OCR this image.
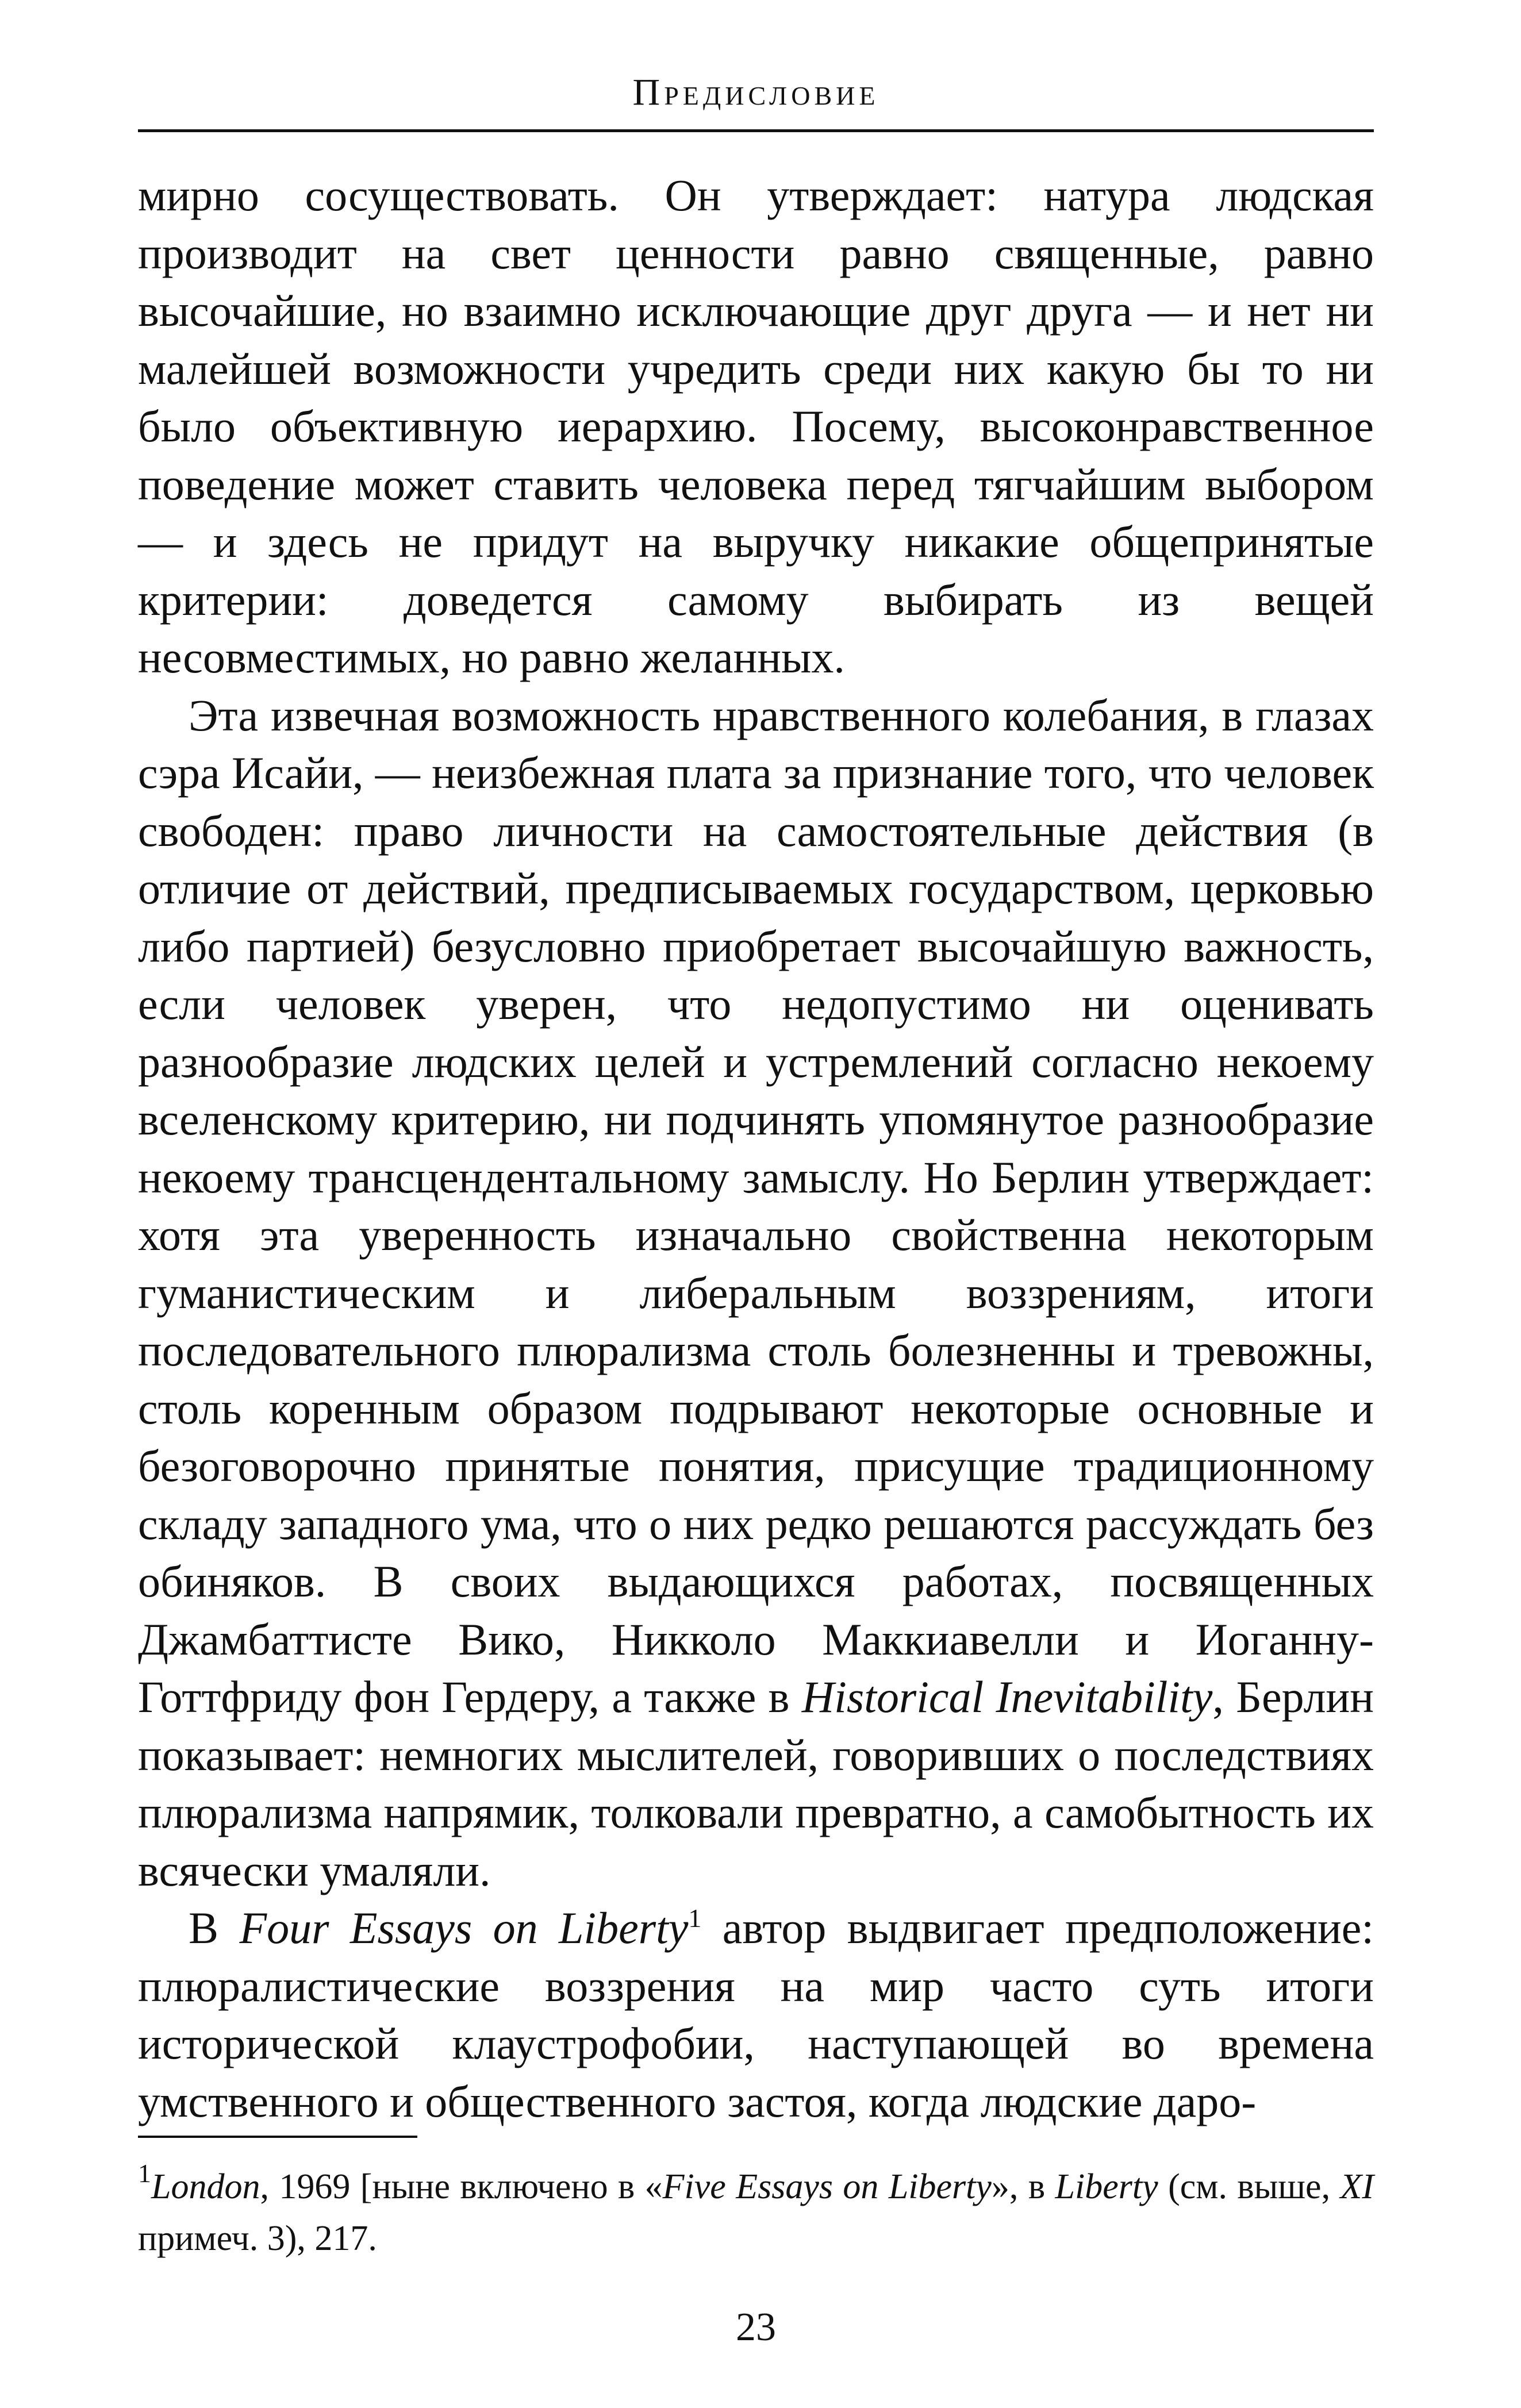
Предисловие

мирно сосуществовать. Он утверждает: натура людская производит на свет ценности равно священные, равно высочайшие, но взаимно исключающие друг друга — и нет ни малейшей возможности учредить среди них какую бы то ни было объективную иерархию. Посему, высоконравственное поведение может ставить человека перед тягчайшим выбором — и здесь не придут на выручку никакие общепринятые критерии: доведется самому выбирать из вещей несовместимых, но равно желанных.

Эта извечная возможность нравственного колебания, в глазах сэра Исайи, — неизбежная плата за признание того, что человек свободен: право личности на самостоятельные действия (в отличие от действий, предписываемых государством, церковью либо партией) безусловно приобретает высочайшую важность, если человек уверен, что недопустимо ни оценивать разнообразие людских целей и устремлений согласно некоему вселенскому критерию, ни подчинять упомянутое разнообразие некоему трансцендентальному замыслу. Но Берлин утверждает: хотя эта уверенность изначально свойственна некоторым гуманистическим и либеральным воззрениям, итоги последовательного плюрализма столь болезненны и тревожны, столь коренным образом подрывают некоторые основные и безоговорочно принятые понятия, присущие традиционному складу западного ума, что о них редко решаются рассуждать без обиняков. В своих выдающихся работах, посвященных Джамбаттисте Вико, Никколо Маккиавелли и Иоганну-Готтфриду фон Гердеру, а также в Historical Inevitability, Берлин показывает: немногих мыслителей, говоривших о последствиях плюрализма напрямик, толковали превратно, а самобытность их всячески умаляли.

В Four Essays on Liberty$^1$ автор выдвигает предположение: плюралистические воззрения на мир часто суть итоги исторической клаустрофобии, наступающей во времена умственного и общественного застоя, когда людские даро-

$^1$London, 1969 [ныне включено в «Five Essays on Liberty», в Liberty (см. выше, XI примеч. 3), 217.

23
